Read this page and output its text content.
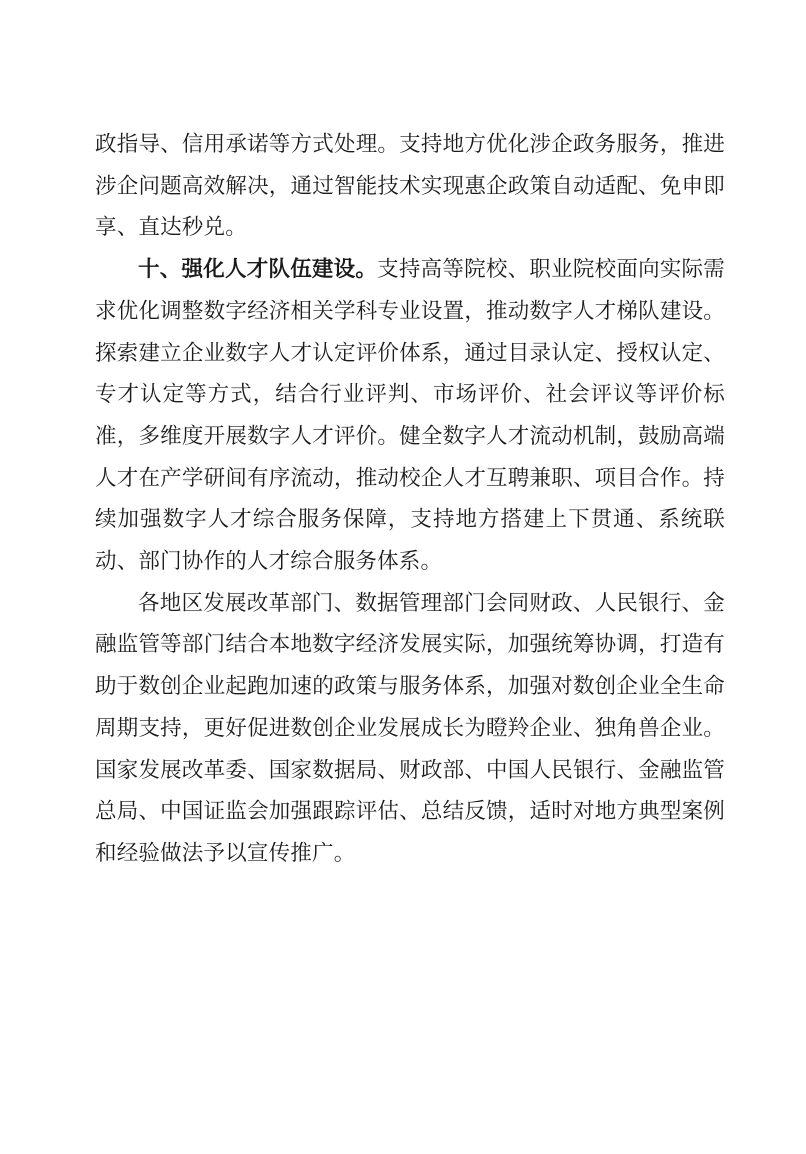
政指导、信用承诺等方式处理。支持地方优化涉企政务服务，推进涉企问题高效解决，通过智能技术实现惠企政策自动适配、免申即享、直达秒兑。

十、强化人才队伍建设。支持高等院校、职业院校面向实际需求优化调整数字经济相关学科专业设置，推动数字人才梯队建设。探索建立企业数字人才认定评价体系，通过目录认定、授权认定、专才认定等方式，结合行业评判、市场评价、社会评议等评价标准，多维度开展数字人才评价。健全数字人才流动机制，鼓励高端人才在产学研间有序流动，推动校企人才互聘兼职、项目合作。持续加强数字人才综合服务保障，支持地方搭建上下贯通、系统联动、部门协作的人才综合服务体系。

各地区发展改革部门、数据管理部门会同财政、人民银行、金融监管等部门结合本地数字经济发展实际，加强统筹协调，打造有助于数创企业起跑加速的政策与服务体系，加强对数创企业全生命周期支持，更好促进数创企业发展成长为瞪羚企业、独角兽企业。国家发展改革委、国家数据局、财政部、中国人民银行、金融监管总局、中国证监会加强跟踪评估、总结反馈，适时对地方典型案例和经验做法予以宣传推广。
